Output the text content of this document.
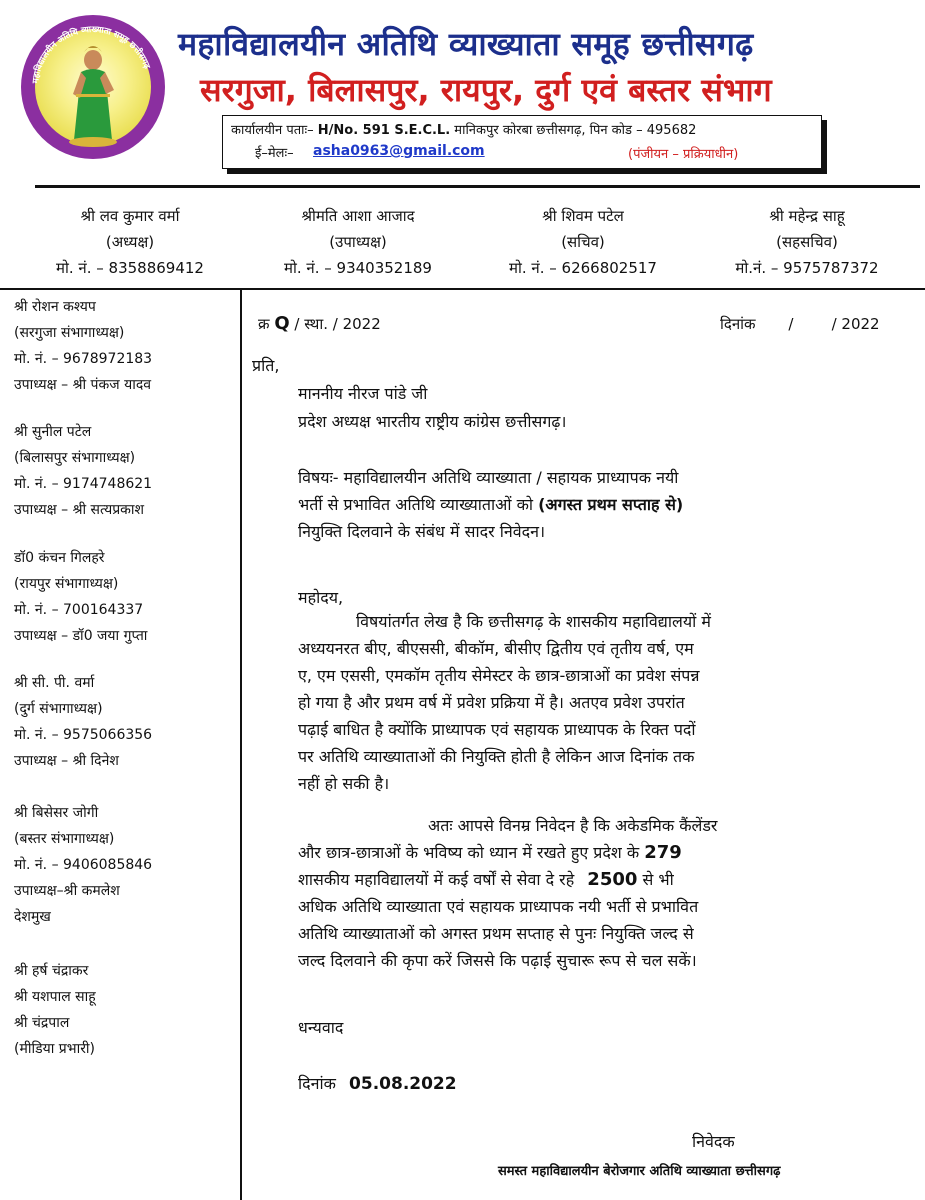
महाविद्यालयीन अतिथि व्याख्याता समूह छत्तीसगढ़
महाविद्यालयीन अतिथि व्याख्याता समूह छत्तीसगढ़
सरगुजा, बिलासपुर, रायपुर, दुर्ग एवं बस्तर संभाग
कार्यालयीन पताः– H/No. 591 S.E.C.L. मानिकपुर कोरबा छत्तीसगढ़, पिन कोड – 495682
ई–मेलः– asha0963@gmail.com	(पंजीयन – प्रक्रियाधीन)
श्री लव कुमार वर्मा
(अध्यक्ष)
मो. नं. – 8358869412
श्रीमति आशा आजाद
(उपाध्यक्ष)
मो. नं. – 9340352189
श्री शिवम पटेल
(सचिव)
मो. नं. – 6266802517
श्री महेन्द्र साहू
(सहसचिव)
मो.नं. – 9575787372
श्री रोशन कश्यप
(सरगुजा संभागाध्यक्ष)
मो. नं. – 9678972183
उपाध्यक्ष – श्री पंकज यादव
श्री सुनील पटेल
(बिलासपुर संभागाध्यक्ष)
मो. नं. – 9174748621
उपाध्यक्ष – श्री सत्यप्रकाश
डॉ0 कंचन गिलहरे
(रायपुर संभागाध्यक्ष)
मो. नं. – 700164337
उपाध्यक्ष – डॉ0 जया गुप्ता
श्री सी. पी. वर्मा
(दुर्ग संभागाध्यक्ष)
मो. नं. – 9575066356
उपाध्यक्ष – श्री दिनेश
श्री बिसेसर जोगी
(बस्तर संभागाध्यक्ष)
मो. नं. – 9406085846
उपाध्यक्ष–श्री कमलेश
देशमुख
श्री हर्ष चंद्राकर
श्री यशपाल साहू
श्री चंद्रपाल
(मीडिया प्रभारी)
क्र Q / स्था. / 2022	दिनांक /        / 2022
प्रति,
माननीय नीरज पांडे जी
प्रदेश अध्यक्ष भारतीय राष्ट्रीय कांग्रेस छत्तीसगढ़।
विषयः- महाविद्यालयीन अतिथि व्याख्याता / सहायक प्राध्यापक नयी
भर्ती से प्रभावित अतिथि व्याख्याताओं को (अगस्त प्रथम सप्ताह से)
नियुक्ति दिलवाने के संबंध में सादर निवेदन।
महोदय,
विषयांतर्गत लेख है कि छत्तीसगढ़ के शासकीय महाविद्यालयों में
अध्ययनरत बीए, बीएससी, बीकॉम, बीसीए द्वितीय एवं तृतीय वर्ष, एम
ए, एम एससी, एमकॉम तृतीय सेमेस्टर के छात्र-छात्राओं का प्रवेश संपन्न
हो गया है और प्रथम वर्ष में प्रवेश प्रक्रिया में है। अतएव प्रवेश उपरांत
पढ़ाई बाधित है क्योंकि प्राध्यापक एवं सहायक प्राध्यापक के रिक्त पदों
पर अतिथि व्याख्याताओं की नियुक्ति होती है लेकिन आज दिनांक तक
नहीं हो सकी है।
अतः आपसे विनम्र निवेदन है कि अकेडमिक कैंलेंडर
और छात्र-छात्राओं के भविष्य को ध्यान में रखते हुए प्रदेश के 279
शासकीय महाविद्यालयों में कई वर्षों से सेवा दे रहे 2500 से भी
अधिक अतिथि व्याख्याता एवं सहायक प्राध्यापक नयी भर्ती से प्रभावित
अतिथि व्याख्याताओं को अगस्त प्रथम सप्ताह से पुनः नियुक्ति जल्द से
जल्द दिलवाने की कृपा करें जिससे कि पढ़ाई सुचारू रूप से चल सकें।
धन्यवाद
दिनांक 05.08.2022
निवेदक
समस्त महाविद्यालयीन बेरोजगार अतिथि व्याख्याता छत्तीसगढ़
